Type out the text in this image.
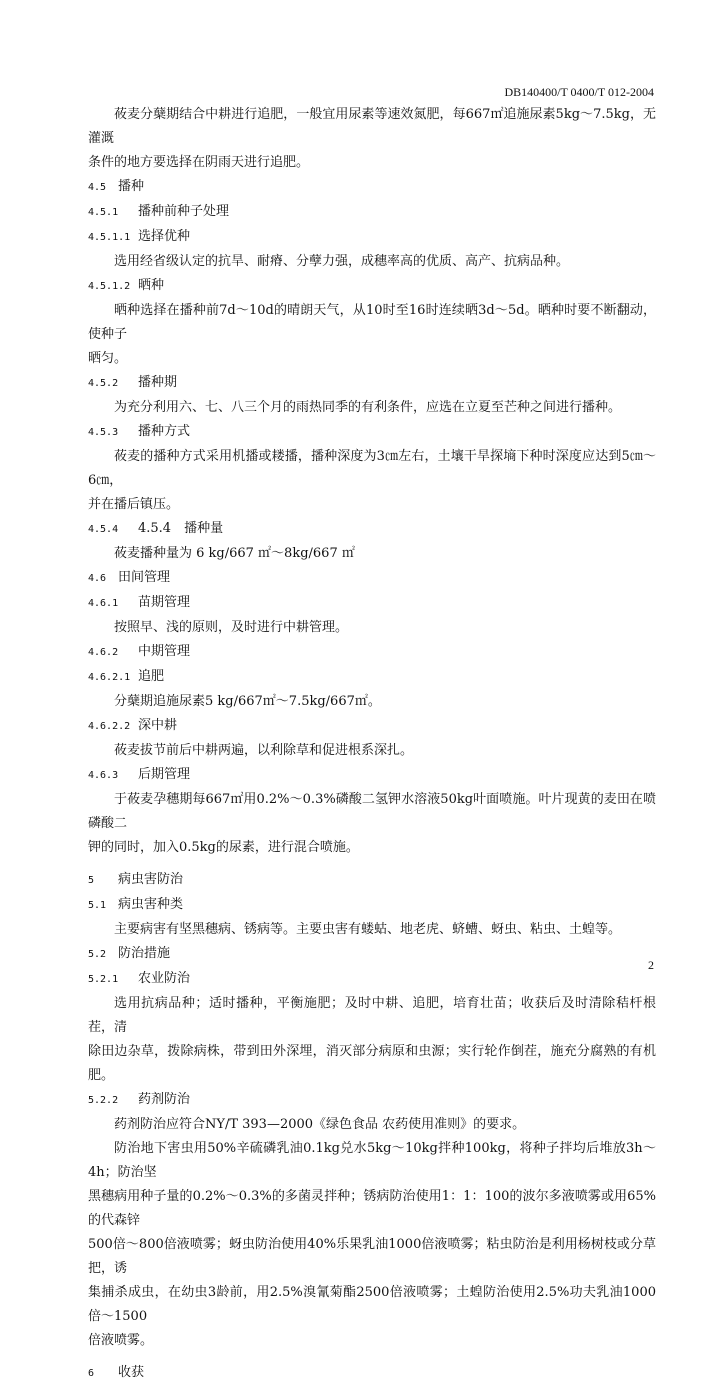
DB140400/T 0400/T 012-2004

莜麦分蘖期结合中耕进行追肥，一般宜用尿素等速效氮肥，每667㎡追施尿素5kg～7.5kg，无灌溉
条件的地方要选择在阴雨天进行追肥。

4.5 播种

4.5.1 播种前种子处理

4.5.1.1 选择优种

选用经省级认定的抗旱、耐瘠、分孽力强，成穗率高的优质、高产、抗病品种。

4.5.1.2 晒种

晒种选择在播种前7d～10d的晴朗天气，从10时至16时连续晒3d～5d。晒种时要不断翻动，使种子
晒匀。

4.5.2 播种期

为充分利用六、七、八三个月的雨热同季的有利条件，应选在立夏至芒种之间进行播种。

4.5.3 播种方式

莜麦的播种方式采用机播或耧播，播种深度为3㎝左右，土壤干旱探墒下种时深度应达到5㎝～6㎝，
并在播后镇压。

4.5.4 4.5.4　播种量

莜麦播种量为 6 kg/667 ㎡～8kg/667 ㎡

4.6 田间管理

4.6.1 苗期管理

按照早、浅的原则，及时进行中耕管理。

4.6.2 中期管理

4.6.2.1 追肥

分蘖期追施尿素5 kg/667㎡～7.5kg/667㎡。

4.6.2.2 深中耕

莜麦拔节前后中耕两遍，以利除草和促进根系深扎。

4.6.3 后期管理

于莜麦孕穗期每667㎡用0.2%～0.3%磷酸二氢钾水溶液50kg叶面喷施。叶片现黄的麦田在喷磷酸二
钾的同时，加入0.5kg的尿素，进行混合喷施。

5 病虫害防治

5.1 病虫害种类

主要病害有坚黑穗病、锈病等。主要虫害有蝼蛄、地老虎、蛴螬、蚜虫、粘虫、土蝗等。

5.2 防治措施

5.2.1 农业防治

选用抗病品种；适时播种，平衡施肥；及时中耕、追肥，培育壮苗；收获后及时清除秸杆根茬，清
除田边杂草，拨除病株，带到田外深埋，消灭部分病原和虫源；实行轮作倒茬，施充分腐熟的有机肥。

5.2.2 药剂防治

药剂防治应符合NY/T 393—2000《绿色食品 农药使用准则》的要求。

防治地下害虫用50%辛硫磷乳油0.1kg兑水5kg～10kg拌种100kg，将种子拌均后堆放3h～4h；防治坚
黑穗病用种子量的0.2%～0.3%的多菌灵拌种；锈病防治使用1：1：100的波尔多液喷雾或用65%的代森锌
500倍～800倍液喷雾；蚜虫防治使用40%乐果乳油1000倍液喷雾；粘虫防治是利用杨树枝或分草把，诱
集捕杀成虫，在幼虫3龄前，用2.5%溴氰菊酯2500倍液喷雾；土蝗防治使用2.5%功夫乳油1000倍～1500
倍液喷雾。

6 收获

2
